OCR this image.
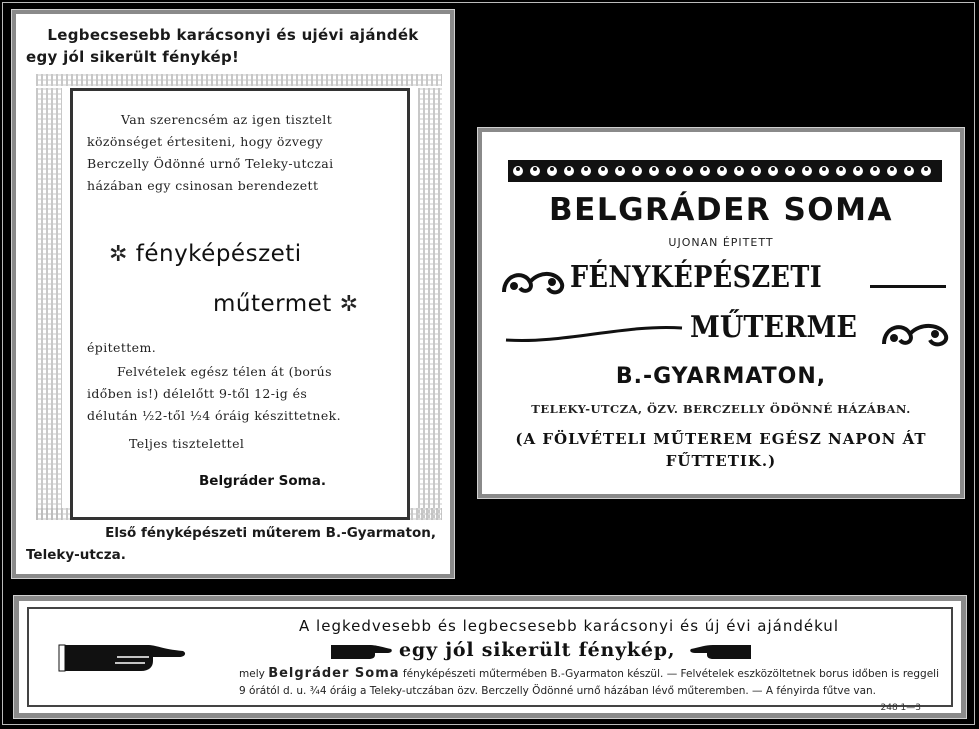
Legbecsesebb karácsonyi és ujévi ajándék
egy jól sikerült fénykép!
Van szerencsém az igen tisztelt
közönséget értesiteni, hogy özvegy
Berczelly Ödönné urnő Teleky-utczai
házában egy csinosan berendezett
✲ fényképészeti
műtermet ✲
épitettem.
Felvételek egész télen át (borús
időben is!) délelőtt 9-től 12-ig és
délután ½2-től ½4 óráig készittetnek.
Teljes tisztelettel
Belgráder Soma.
Első fényképészeti műterem B.-Gyarmaton,
Teleky-utcza.
BELGRÁDER SOMA
UJONAN ÉPITETT
FÉNYKÉPÉSZETI
MŰTERME
B.-GYARMATON,
TELEKY-UTCZA, ÖZV. BERCZELLY ÖDÖNNÉ HÁZÁBAN.
(A FÖLVÉTELI MŰTEREM EGÉSZ NAPON ÁT
FŰTTETIK.)
A legkedvesebb és legbecsesebb karácsonyi és új évi ajándékul
egy jól sikerült fénykép,
mely Belgráder Soma fényképészeti műtermében B.-Gyarmaton készül. — Felvételek eszközöltetnek borus időben is reggeli 9 órától d. u. ¾4 óráig a Teleky-utczában özv. Berczelly Ödönné urnő házában lévő műteremben. — A fényirda fűtve van.
248 1—3
